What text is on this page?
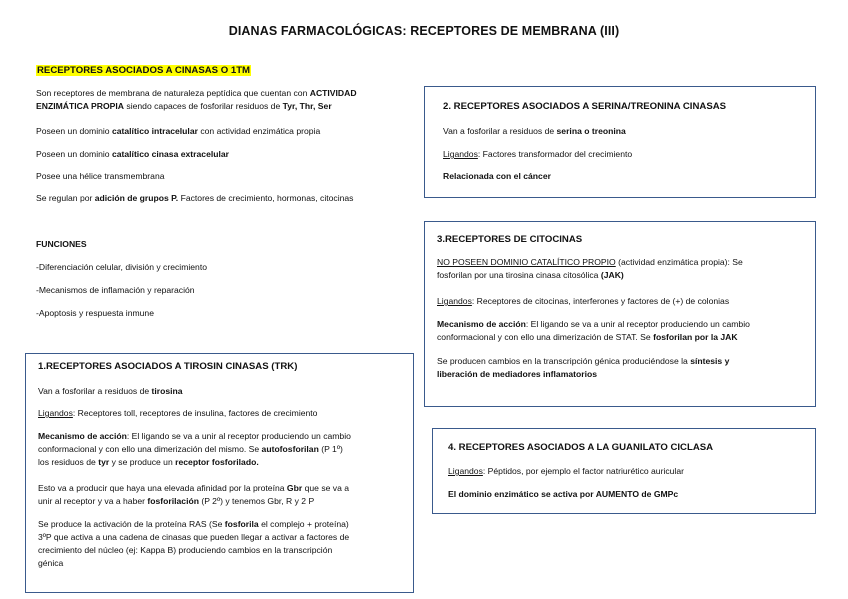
DIANAS FARMACOLÓGICAS: RECEPTORES DE MEMBRANA (III)
RECEPTORES ASOCIADOS A CINASAS O 1TM

Son receptores de membrana de naturaleza peptídica que cuentan con ACTIVIDAD

ENZIMÁTICA PROPIA siendo capaces de fosforilar residuos de Tyr, Thr, Ser

Poseen un dominio catalítico intracelular con actividad enzimática propia

Poseen un dominio catalítico cinasa extracelular

Posee una hélice transmembrana

Se regulan por adición de grupos P. Factores de crecimiento, hormonas, citocinas

FUNCIONES

-Diferenciación celular, división y crecimiento

-Mecanismos de inflamación y reparación

-Apoptosis y respuesta inmune

1.RECEPTORES ASOCIADOS A TIROSIN CINASAS (TRK)

Van a fosforilar a residuos de tirosina

Ligandos: Receptores toll, receptores de insulina, factores de crecimiento

Mecanismo de acción: El ligando se va a unir al receptor produciendo un cambio

conformacional y con ello una dimerización del mismo. Se autofosforilan (P 1º)

los residuos de tyr y se produce un receptor fosforilado.

Esto va a producir que haya una elevada afinidad por la proteína Gbr que se va a

unir al receptor y va a haber fosforilación (P 2º) y tenemos Gbr, R y 2 P

Se produce la activación de la proteína RAS (Se fosforila el complejo + proteína)

3ºP que activa a una cadena de cinasas que pueden llegar a activar a factores de

crecimiento del núcleo (ej: Kappa B) produciendo cambios en la transcripción

génica

2. RECEPTORES ASOCIADOS A SERINA/TREONINA CINASAS

Van a fosforilar a residuos de serina o treonina

Ligandos: Factores transformador del crecimiento

Relacionada con el cáncer

3.RECEPTORES DE CITOCINAS

NO POSEEN DOMINIO CATALÍTICO PROPIO (actividad enzimática propia): Se

fosforilan por una tirosina cinasa citosólica (JAK)

Ligandos: Receptores de citocinas, interferones y factores de (+) de colonias

Mecanismo de acción: El ligando se va a unir al receptor produciendo un cambio

conformacional y con ello una dimerización de STAT. Se fosforilan por la JAK

Se producen cambios en la transcripción génica produciéndose la síntesis y

liberación de mediadores inflamatorios

4. RECEPTORES ASOCIADOS A LA GUANILATO CICLASA

Ligandos: Péptidos, por ejemplo el factor natriurético auricular

El dominio enzimático se activa por AUMENTO de GMPc
